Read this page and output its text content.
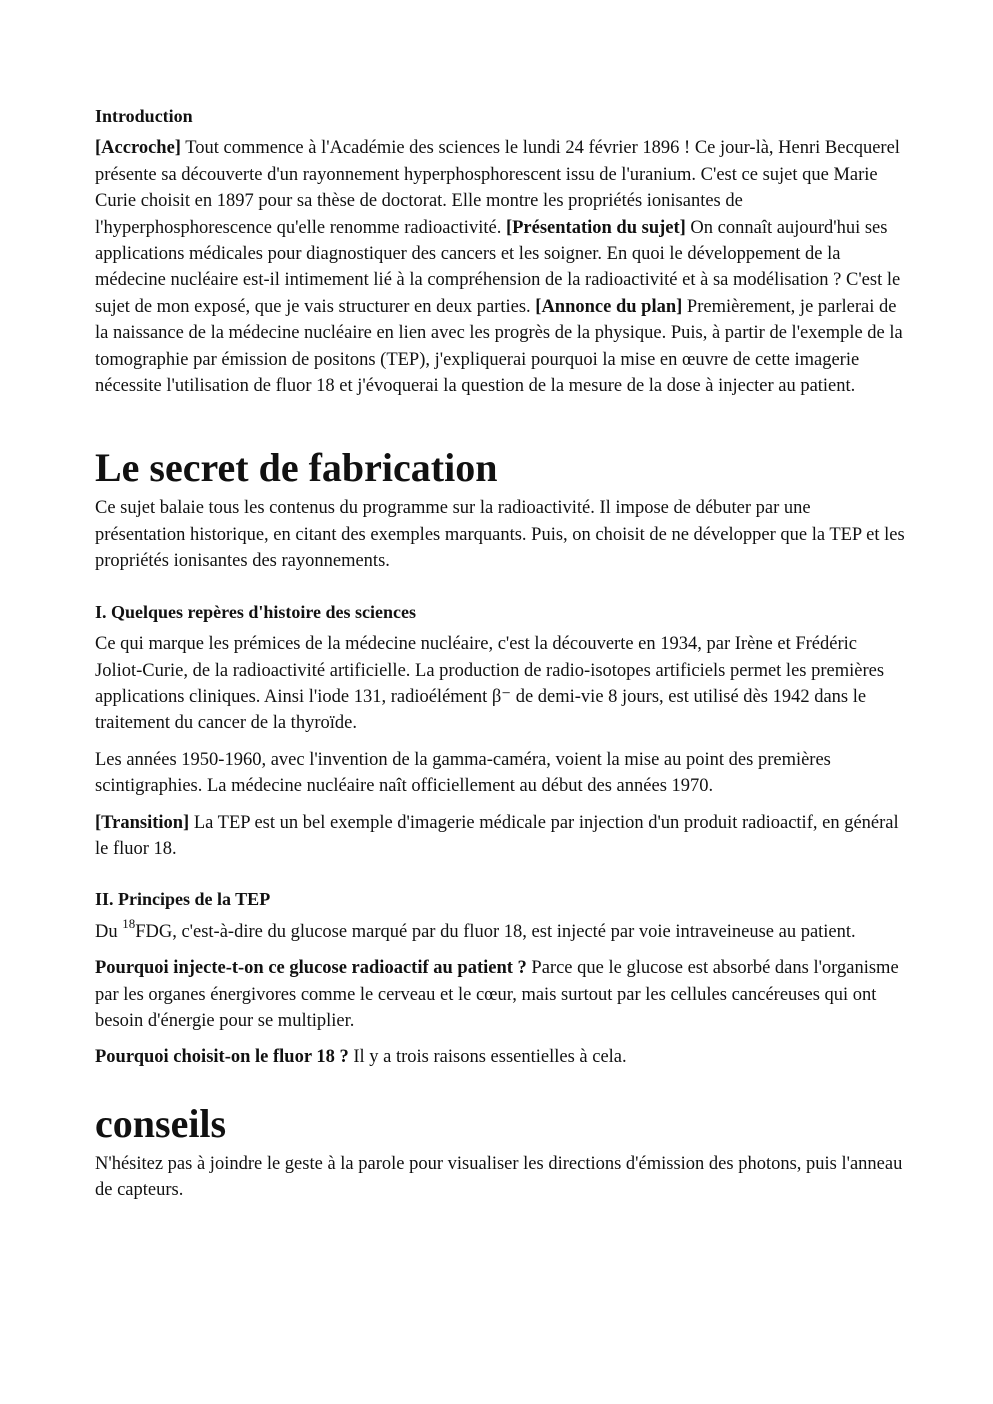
Introduction

[Accroche] Tout commence à l'Académie des sciences le lundi 24 février 1896 ! Ce jour-là, Henri Becquerel présente sa découverte d'un rayonnement hyperphosphorescent issu de l'uranium. C'est ce sujet que Marie Curie choisit en 1897 pour sa thèse de doctorat. Elle montre les propriétés ionisantes de l'hyperphosphorescence qu'elle renomme radioactivité. [Présentation du sujet] On connaît aujourd'hui ses applications médicales pour diagnostiquer des cancers et les soigner. En quoi le développement de la médecine nucléaire est-il intimement lié à la compréhension de la radioactivité et à sa modélisation ? C'est le sujet de mon exposé, que je vais structurer en deux parties. [Annonce du plan] Premièrement, je parlerai de la naissance de la médecine nucléaire en lien avec les progrès de la physique. Puis, à partir de l'exemple de la tomographie par émission de positons (TEP), j'expliquerai pourquoi la mise en œuvre de cette imagerie nécessite l'utilisation de fluor 18 et j'évoquerai la question de la mesure de la dose à injecter au patient.

Le secret de fabrication

Ce sujet balaie tous les contenus du programme sur la radioactivité. Il impose de débuter par une présentation historique, en citant des exemples marquants. Puis, on choisit de ne développer que la TEP et les propriétés ionisantes des rayonnements.

I. Quelques repères d'histoire des sciences

Ce qui marque les prémices de la médecine nucléaire, c'est la découverte en 1934, par Irène et Frédéric Joliot-Curie, de la radioactivité artificielle. La production de radio-isotopes artificiels permet les premières applications cliniques. Ainsi l'iode 131, radioélément β⁻ de demi-vie 8 jours, est utilisé dès 1942 dans le traitement du cancer de la thyroïde.

Les années 1950-1960, avec l'invention de la gamma-caméra, voient la mise au point des premières scintigraphies. La médecine nucléaire naît officiellement au début des années 1970.

[Transition] La TEP est un bel exemple d'imagerie médicale par injection d'un produit radioactif, en général le fluor 18.

II. Principes de la TEP

Du $^{18}$FDG, c'est-à-dire du glucose marqué par du fluor 18, est injecté par voie intraveineuse au patient.

Pourquoi injecte-t-on ce glucose radioactif au patient ? Parce que le glucose est absorbé dans l'organisme par les organes énergivores comme le cerveau et le cœur, mais surtout par les cellules cancéreuses qui ont besoin d'énergie pour se multiplier.

Pourquoi choisit-on le fluor 18 ? Il y a trois raisons essentielles à cela.

conseils

N'hésitez pas à joindre le geste à la parole pour visualiser les directions d'émission des photons, puis l'anneau de capteurs.
